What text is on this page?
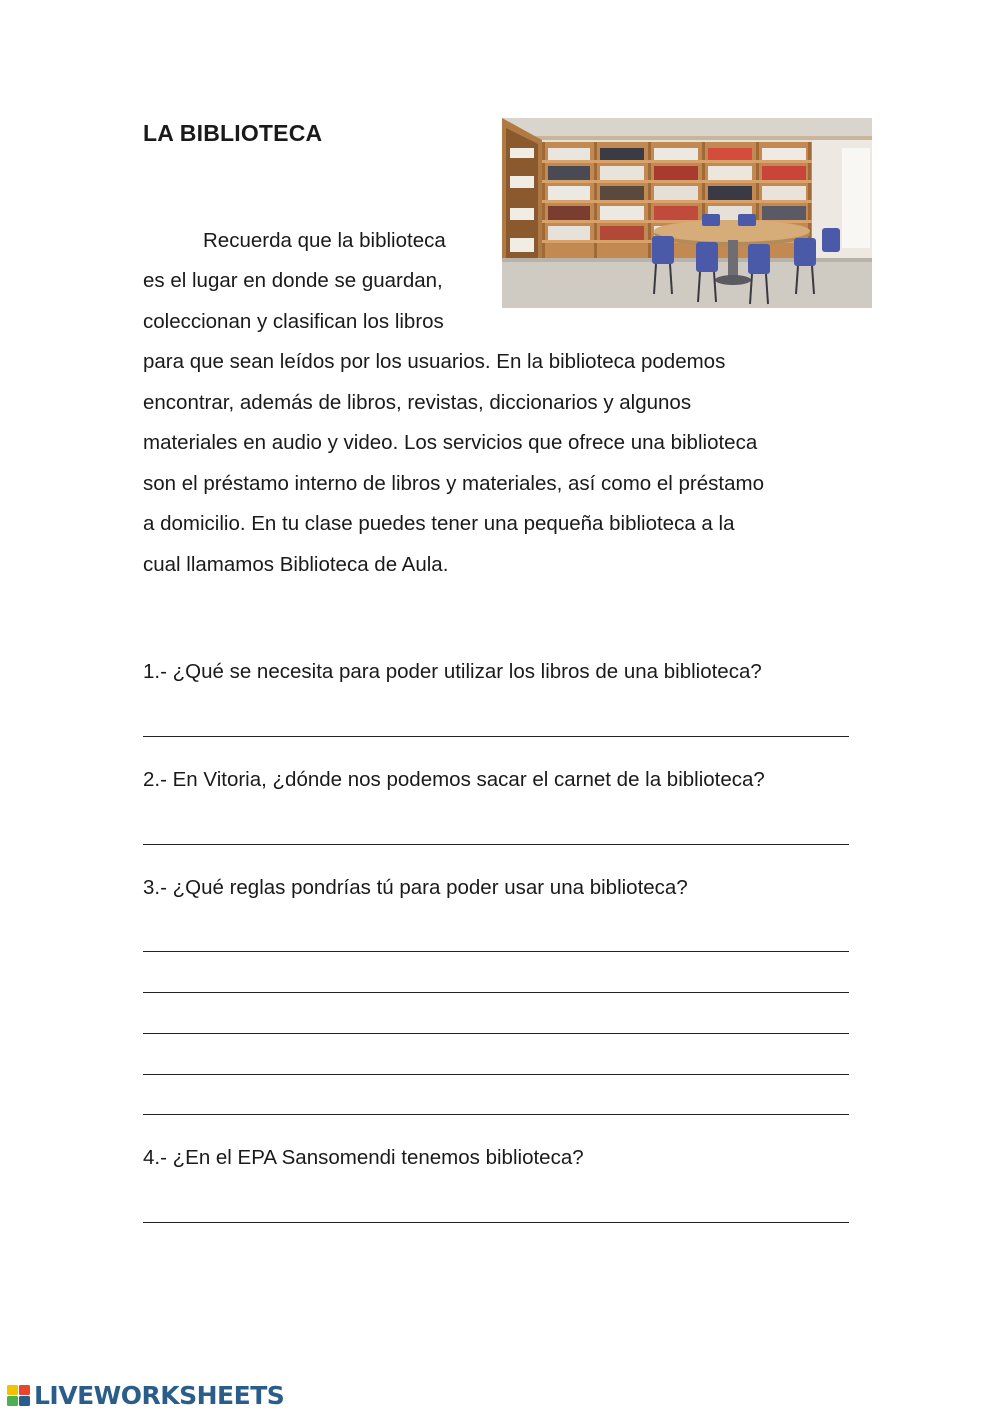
LA BIBLIOTECA
Recuerda que la biblioteca
es el lugar en donde se guardan,
coleccionan y clasifican los libros
para que sean leídos por los usuarios. En la biblioteca podemos
encontrar, además de libros, revistas, diccionarios y algunos
materiales en audio y video. Los servicios que ofrece una biblioteca
son el préstamo interno de libros y materiales, así como el préstamo
a domicilio. En tu clase puedes tener una pequeña biblioteca a la
cual llamamos Biblioteca de Aula.
1.- ¿Qué se necesita para poder utilizar los libros de una biblioteca?
2.- En Vitoria, ¿dónde nos podemos sacar el carnet de la biblioteca?
3.- ¿Qué reglas pondrías tú para poder usar una biblioteca?
4.- ¿En el EPA Sansomendi tenemos biblioteca?
LIVEWORKSHEETS
